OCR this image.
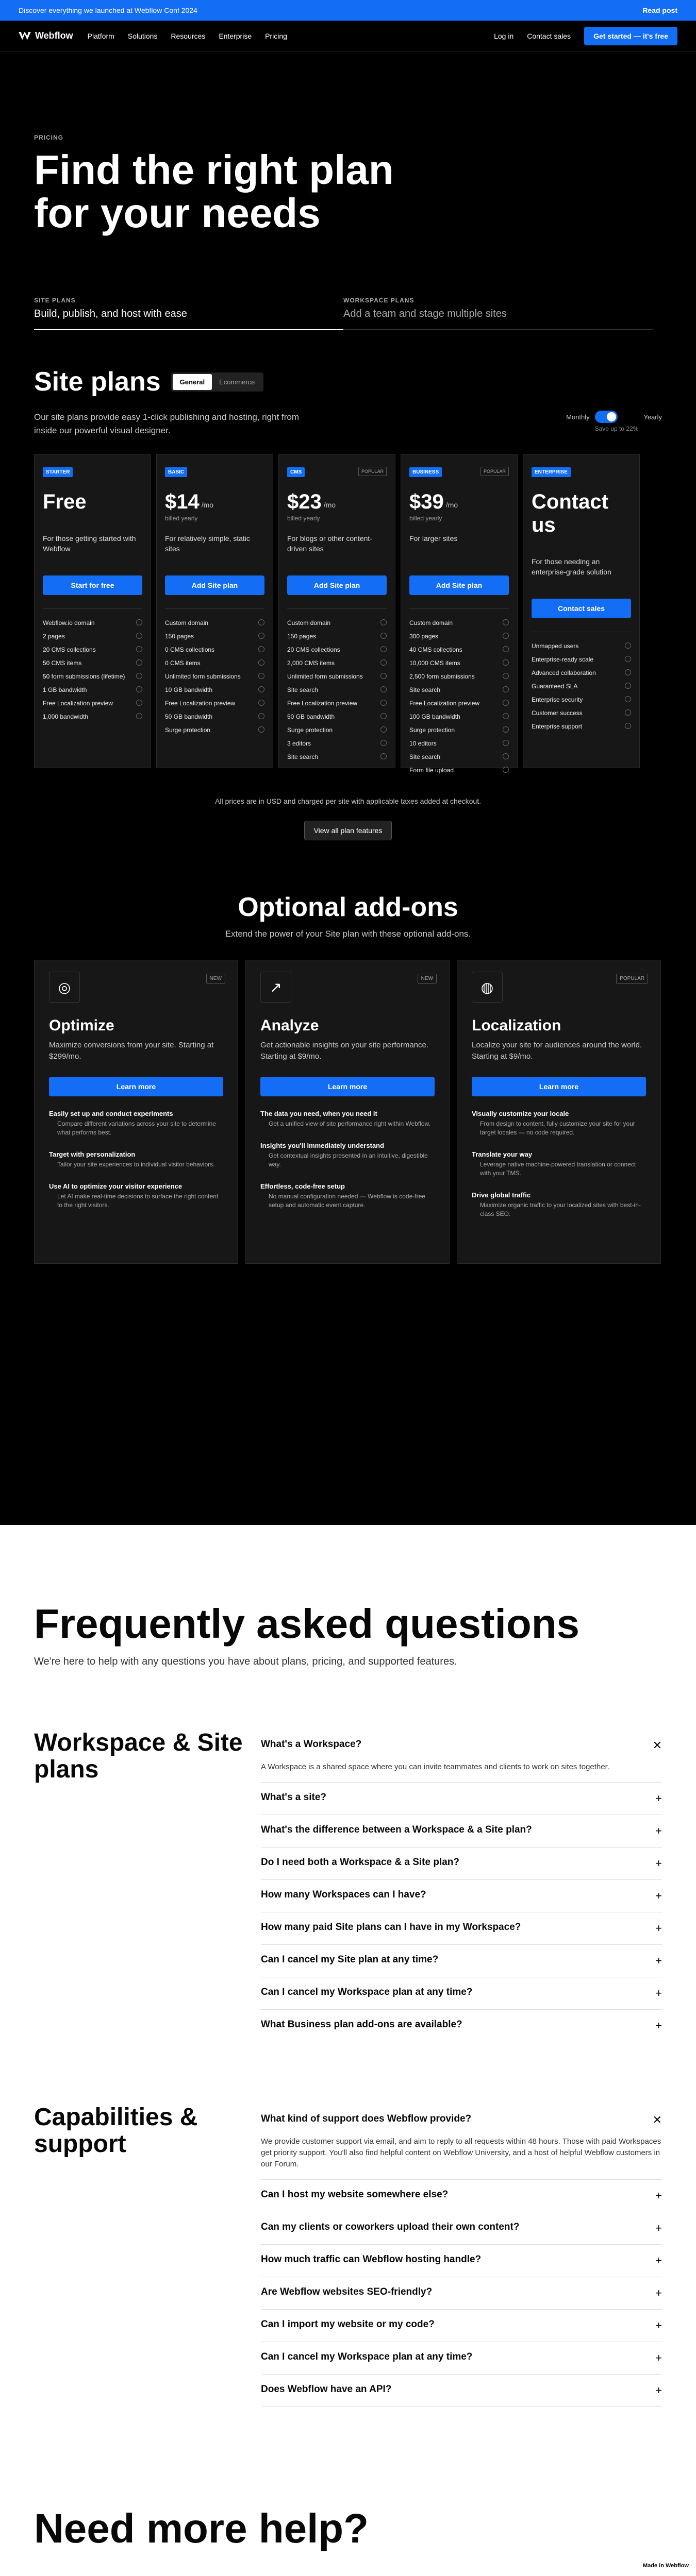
Discover everything we launched at Webflow Conf 2024	Read post
Webflow Platform Solutions Resources Enterprise Pricing	Log in Contact sales	Get started — it's free
PRICING
Find the right plan for your needs
SITE PLANS
Build, publish, and host with ease
WORKSPACE PLANS
Add a team and stage multiple sites
Site plans	General	Ecommerce

Our site plans provide easy 1-click publishing and hosting, right from inside our powerful visual designer.

Monthly
Save up to 22%
Yearly
STARTER
Free
For those getting started with Webflow
Start for free
Webflow.io domain
2 pages
20 CMS collections
50 CMS items
50 form submissions (lifetime)
1 GB bandwidth
Free Localization preview
1,000 bandwidth
BASIC
$14 /mo
billed yearly
For relatively simple, static sites
Add Site plan
Custom domain
150 pages
0 CMS collections
0 CMS items
Unlimited form submissions
10 GB bandwidth
Free Localization preview
50 GB bandwidth
Surge protection
CMS	POPULAR
$23 /mo
billed yearly
For blogs or other content-driven sites
Add Site plan
Custom domain
150 pages
20 CMS collections
2,000 CMS items
Unlimited form submissions
Site search
Free Localization preview
50 GB bandwidth
Surge protection
3 editors
Site search
BUSINESS	POPULAR
$39 /mo
billed yearly
For larger sites
Add Site plan
Custom domain
300 pages
40 CMS collections
10,000 CMS items
2,500 form submissions
Site search
Free Localization preview
100 GB bandwidth
Surge protection
10 editors
Site search
Form file upload
ENTERPRISE
Contact us
For those needing an enterprise-grade solution
Contact sales
Unmapped users
Enterprise-ready scale
Advanced collaboration
Guaranteed SLA
Enterprise security
Customer success
Enterprise support
All prices are in USD and charged per site with applicable taxes added at checkout.
View all plan features
Optional add-ons

Extend the power of your Site plan with these optional add-ons.

◎
NEW
Optimize
Maximize conversions from your site. Starting at $299/mo.
Learn more
Easily set up and conduct experiments
Compare different variations across your site to determine what performs best.
Target with personalization
Tailor your site experiences to individual visitor behaviors.
Use AI to optimize your visitor experience
Let AI make real-time decisions to surface the right content to the right visitors.
↗
NEW
Analyze
Get actionable insights on your site performance. Starting at $9/mo.
Learn more
The data you need, when you need it
Get a unified view of site performance right within Webflow.
Insights you'll immediately understand
Get contextual insights presented in an intuitive, digestible way.
Effortless, code-free setup
No manual configuration needed — Webflow is code-free setup and automatic event capture.
◍
POPULAR
Localization
Localize your site for audiences around the world. Starting at $9/mo.
Learn more
Visually customize your locale
From design to content, fully customize your site for your target locales — no code required.
Translate your way
Leverage native machine-powered translation or connect with your TMS.
Drive global traffic
Maximize organic traffic to your localized sites with best-in-class SEO.
Frequently asked questions
We're here to help with any questions you have about plans, pricing, and supported features.
Workspace & Site plans
What's a Workspace?	✕
A Workspace is a shared space where you can invite teammates and clients to work on sites together.
What's a site?	+
What's the difference between a Workspace & a Site plan?	+
Do I need both a Workspace & a Site plan?	+
How many Workspaces can I have?	+
How many paid Site plans can I have in my Workspace?	+
Can I cancel my Site plan at any time?	+
Can I cancel my Workspace plan at any time?	+
What Business plan add-ons are available?	+
Capabilities & support
What kind of support does Webflow provide?	✕
We provide customer support via email, and aim to reply to all requests within 48 hours. Those with paid Workspaces get priority support. You'll also find helpful content on Webflow University, and a host of helpful Webflow customers in our Forum.
Can I host my website somewhere else?	+
Can my clients or coworkers upload their own content?	+
How much traffic can Webflow hosting handle?	+
Are Webflow websites SEO-friendly?	+
Can I import my website or my code?	+
Can I cancel my Workspace plan at any time?	+
Does Webflow have an API?	+
Need more help?

Made in Webflow
